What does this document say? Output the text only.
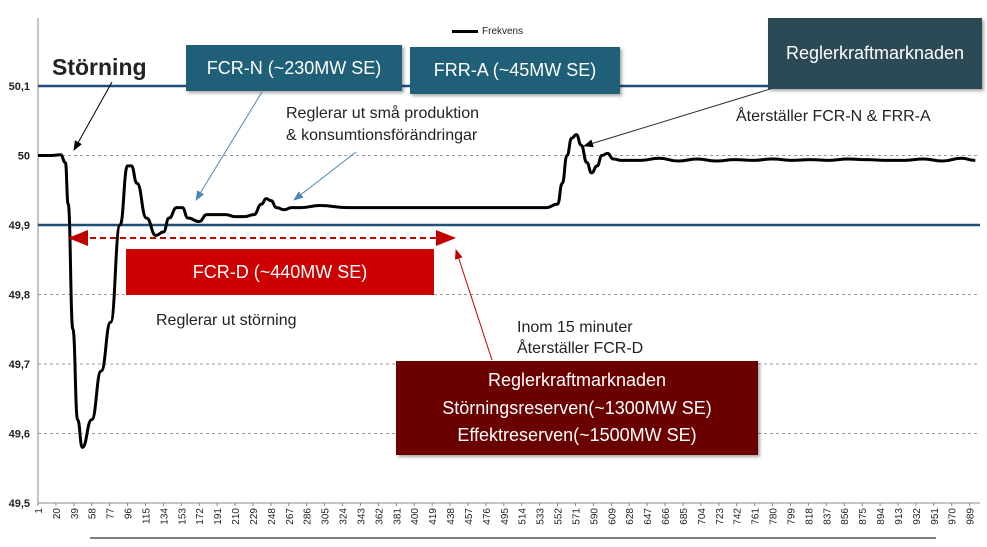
49,5
49,6
49,7
49,8
49,9
50
50,1
1 20 39 58 77 96 115 134 153 172 191 210 229 248 267 286 305 324 343 362 381 400 419 438 457 476 495 514 533 552 571 590 609 628 647 666 685 704 723 742 761 780 799 818 837 856 875 894 913 932 951 970 989
Frekvens
Störning	FCR-N (~230MW SE)	FRR-A (~45MW SE)
Reglerkraftmarknaden
Reglerar ut små produktion
& konsumtionsförändringar
Återställer FCR-N & FRR-A
FCR-D (~440MW SE)
Reglerar ut störning	Inom 15 minuter
Återställer FCR-D
Reglerkraftmarknaden
Störningsreserven(~1300MW SE)
Effektreserven(~1500MW SE)
